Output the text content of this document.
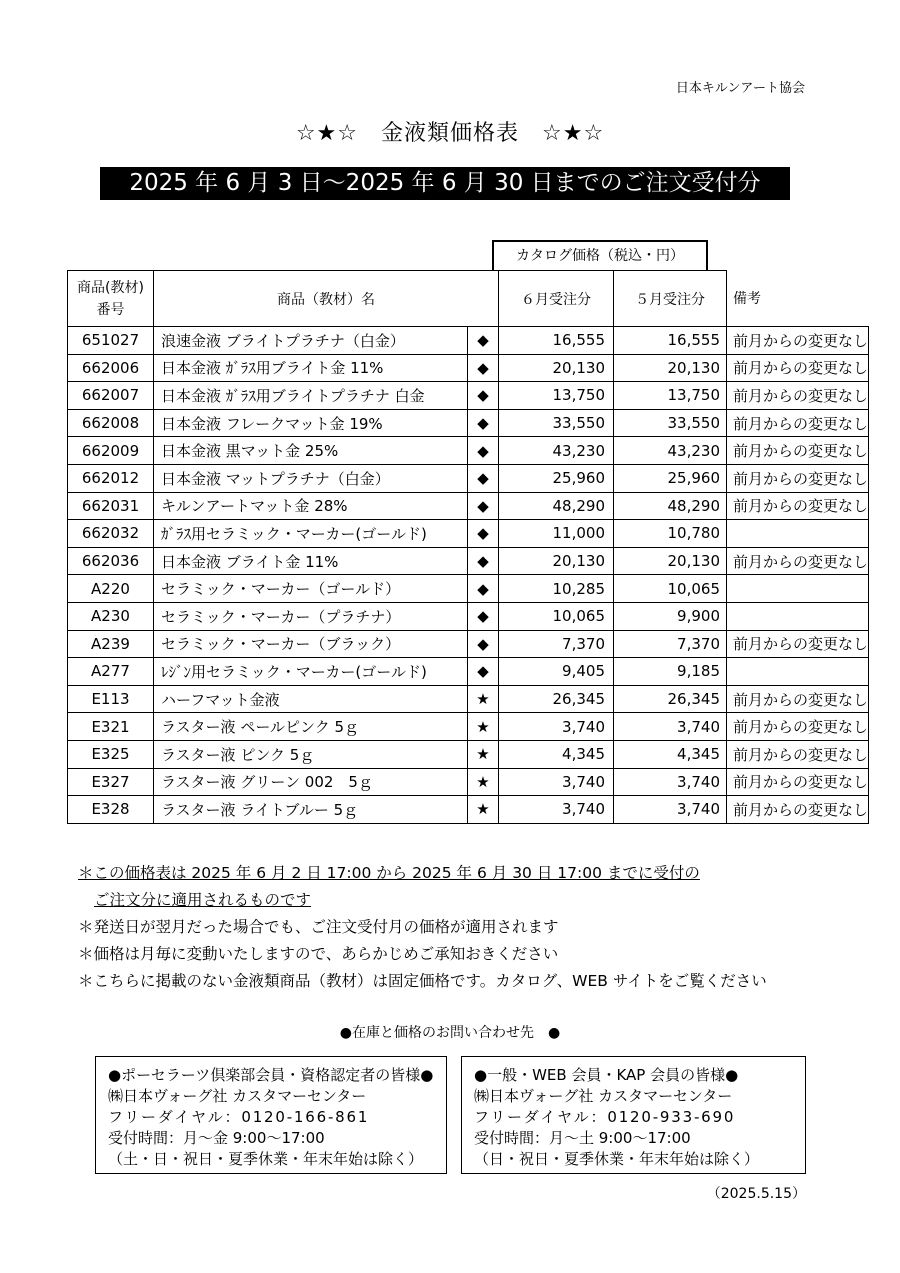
日本キルンアート協会
☆★☆　金液類価格表　☆★☆
2025 年 6 月 3 日～2025 年 6 月 30 日までのご注文受付分
カタログ価格（税込・円）
商品(教材)
番号	商品（教材）名		６月受注分	５月受注分	備考
651027	浪速金液 ブライトプラチナ（白金）	◆	16,555	16,555	前月からの変更なし
662006	日本金液 ｶﾞﾗｽ用ブライト金 11%	◆	20,130	20,130	前月からの変更なし
662007	日本金液 ｶﾞﾗｽ用ブライトプラチナ 白金	◆	13,750	13,750	前月からの変更なし
662008	日本金液 フレークマット金 19%	◆	33,550	33,550	前月からの変更なし
662009	日本金液 黒マット金 25%	◆	43,230	43,230	前月からの変更なし
662012	日本金液 マットプラチナ（白金）	◆	25,960	25,960	前月からの変更なし
662031	キルンアートマット金 28%	◆	48,290	48,290	前月からの変更なし
662032	ｶﾞﾗｽ用セラミック・マーカー(ゴールド)	◆	11,000	10,780	
662036	日本金液 ブライト金 11%	◆	20,130	20,130	前月からの変更なし
A220	セラミック・マーカー（ゴールド）	◆	10,285	10,065	
A230	セラミック・マーカー（プラチナ）	◆	10,065	9,900	
A239	セラミック・マーカー（ブラック）	◆	7,370	7,370	前月からの変更なし
A277	ﾚｼﾞﾝ用セラミック・マーカー(ゴールド)	◆	9,405	9,185	
E113	ハーフマット金液	★	26,345	26,345	前月からの変更なし
E321	ラスター液 ペールピンク 5ｇ	★	3,740	3,740	前月からの変更なし
E325	ラスター液 ピンク 5ｇ	★	4,345	4,345	前月からの変更なし
E327	ラスター液 グリーン 002　5ｇ	★	3,740	3,740	前月からの変更なし
E328	ラスター液 ライトブルー 5ｇ	★	3,740	3,740	前月からの変更なし
＊この価格表は 2025 年 6 月 2 日 17:00 から 2025 年 6 月 30 日 17:00 までに受付の
ご注文分に適用されるものです
＊発送日が翌月だった場合でも、ご注文受付月の価格が適用されます
＊価格は月毎に変動いたしますので、あらかじめご承知おきください
＊こちらに掲載のない金液類商品（教材）は固定価格です。カタログ、WEB サイトをご覧ください
●在庫と価格のお問い合わせ先　●
●ポーセラーツ倶楽部会員・資格認定者の皆様●
㈱日本ヴォーグ社 カスタマーセンター
フリーダイヤル：0120-166-861
受付時間：月～金 9:00～17:00
（土・日・祝日・夏季休業・年末年始は除く）
●一般・WEB 会員・KAP 会員の皆様●
㈱日本ヴォーグ社 カスタマーセンター
フリーダイヤル：0120-933-690
受付時間：月～土 9:00～17:00
（日・祝日・夏季休業・年末年始は除く）
（2025.5.15）
